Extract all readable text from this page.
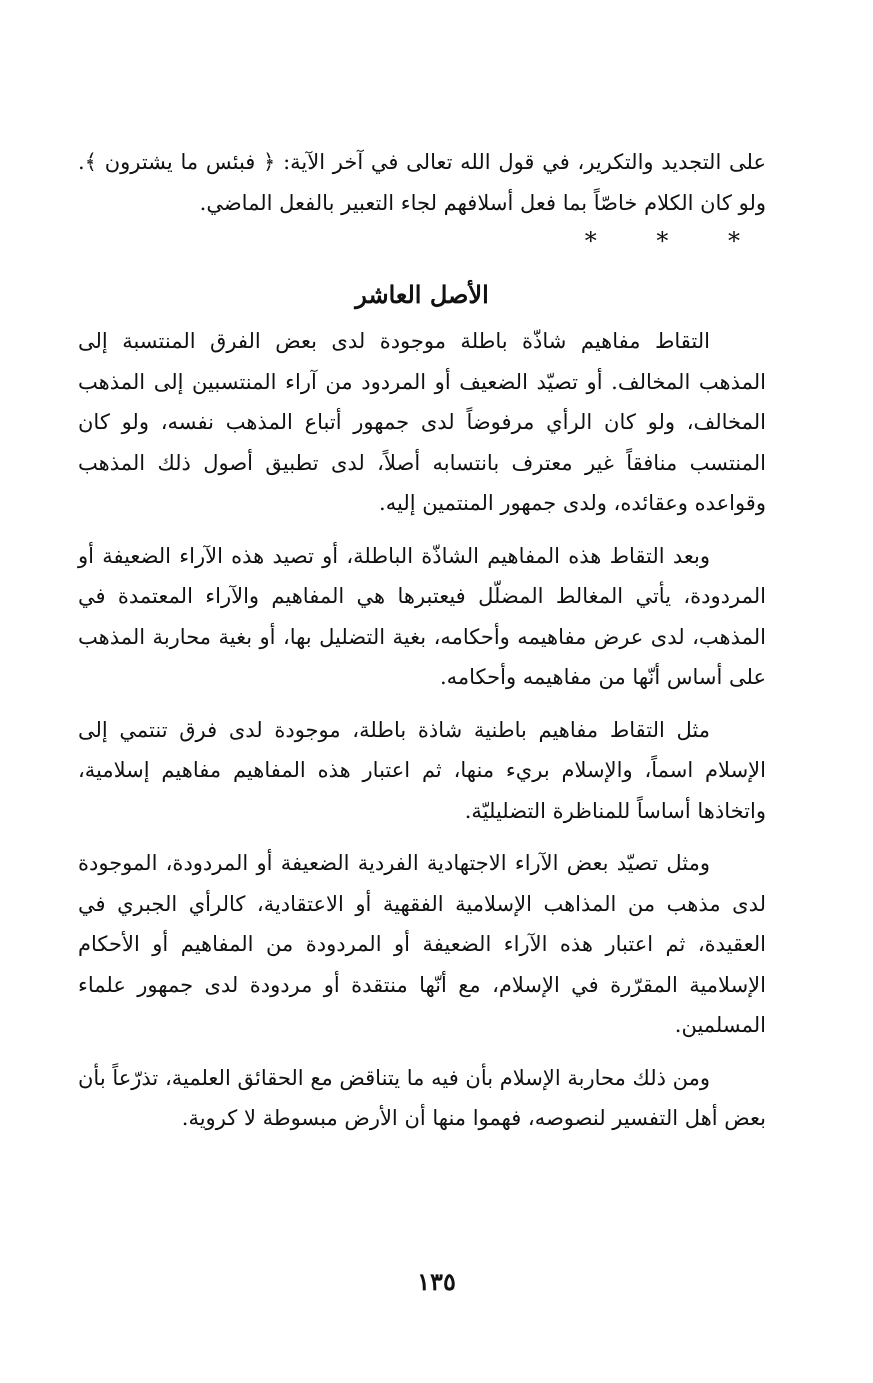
على التجديد والتكرير، في قول الله تعالى في آخر الآية: ﴿ فبئس ما يشترون ﴾. ولو كان الكلام خاصّاً بما فعل أسلافهم لجاء التعبير بالفعل الماضي.

* * *
الأصل العاشر

التقاط مفاهيم شاذّة باطلة موجودة لدى بعض الفرق المنتسبة إلى المذهب المخالف. أو تصيّد الضعيف أو المردود من آراء المنتسبين إلى المذهب المخالف، ولو كان الرأي مرفوضاً لدى جمهور أتباع المذهب نفسه، ولو كان المنتسب منافقاً غير معترف بانتسابه أصلاً، لدى تطبيق أصول ذلك المذهب وقواعده وعقائده، ولدى جمهور المنتمين إليه.

وبعد التقاط هذه المفاهيم الشاذّة الباطلة، أو تصيد هذه الآراء الضعيفة أو المردودة، يأتي المغالط المضلّل فيعتبرها هي المفاهيم والآراء المعتمدة في المذهب، لدى عرض مفاهيمه وأحكامه، بغية التضليل بها، أو بغية محاربة المذهب على أساس أنّها من مفاهيمه وأحكامه.

مثل التقاط مفاهيم باطنية شاذة باطلة، موجودة لدى فرق تنتمي إلى الإسلام اسماً، والإسلام بريء منها، ثم اعتبار هذه المفاهيم مفاهيم إسلامية، واتخاذها أساساً للمناظرة التضليليّة.

ومثل تصيّد بعض الآراء الاجتهادية الفردية الضعيفة أو المردودة، الموجودة لدى مذهب من المذاهب الإسلامية الفقهية أو الاعتقادية، كالرأي الجبري في العقيدة، ثم اعتبار هذه الآراء الضعيفة أو المردودة من المفاهيم أو الأحكام الإسلامية المقرّرة في الإسلام، مع أنّها منتقدة أو مردودة لدى جمهور علماء المسلمين.

ومن ذلك محاربة الإسلام بأن فيه ما يتناقض مع الحقائق العلمية، تذرّعاً بأن بعض أهل التفسير لنصوصه، فهموا منها أن الأرض مبسوطة لا كروية.

١٣٥
